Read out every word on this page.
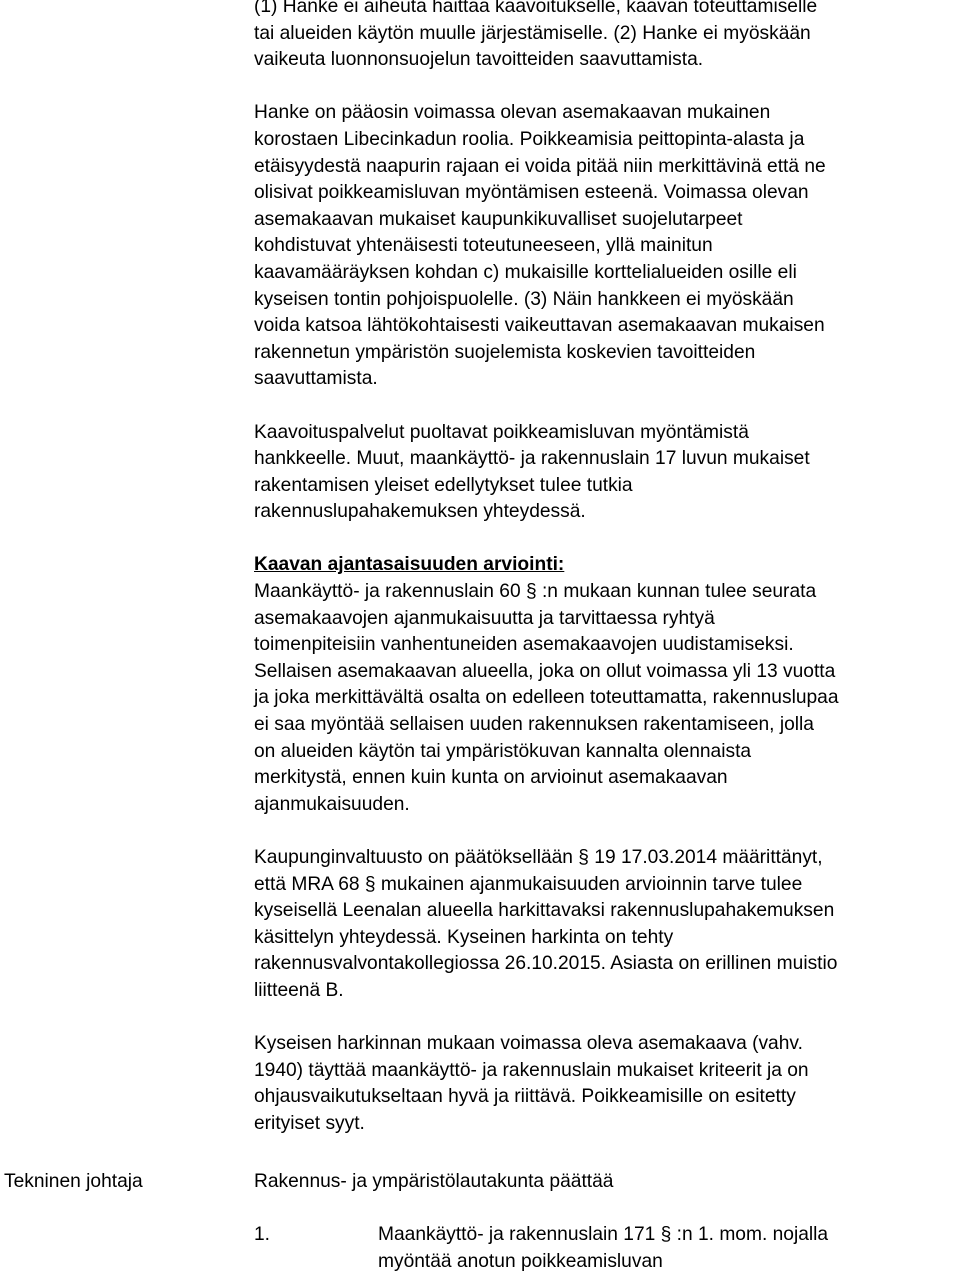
(1) Hanke ei aiheuta haittaa kaavoitukselle, kaavan toteuttamiselle
tai alueiden käytön muulle järjestämiselle. (2) Hanke ei myöskään
vaikeuta luonnonsuojelun tavoitteiden saavuttamista.

Hanke on pääosin voimassa olevan asemakaavan mukainen
korostaen Libecinkadun roolia. Poikkeamisia peittopinta-alasta ja
etäisyydestä naapurin rajaan ei voida pitää niin merkittävinä että ne
olisivat poikkeamisluvan myöntämisen esteenä. Voimassa olevan
asemakaavan mukaiset kaupunkikuvalliset suojelutarpeet
kohdistuvat yhtenäisesti toteutuneeseen, yllä mainitun
kaavamääräyksen kohdan c) mukaisille korttelialueiden osille eli
kyseisen tontin pohjoispuolelle. (3) Näin hankkeen ei myöskään
voida katsoa lähtökohtaisesti vaikeuttavan asemakaavan mukaisen
rakennetun ympäristön suojelemista koskevien tavoitteiden
saavuttamista.

Kaavoituspalvelut puoltavat poikkeamisluvan myöntämistä
hankkeelle. Muut, maankäyttö- ja rakennuslain 17 luvun mukaiset
rakentamisen yleiset edellytykset tulee tutkia
rakennuslupahakemuksen yhteydessä.

Kaavan ajantasaisuuden arviointi:
Maankäyttö- ja rakennuslain 60 § :n mukaan kunnan tulee seurata
asemakaavojen ajanmukaisuutta ja tarvittaessa ryhtyä
toimenpiteisiin vanhentuneiden asemakaavojen uudistamiseksi.
Sellaisen asemakaavan alueella, joka on ollut voimassa yli 13 vuotta
ja joka merkittävältä osalta on edelleen toteuttamatta, rakennuslupaa
ei saa myöntää sellaisen uuden rakennuksen rakentamiseen, jolla
on alueiden käytön tai ympäristökuvan kannalta olennaista
merkitystä, ennen kuin kunta on arvioinut asemakaavan
ajanmukaisuuden.

Kaupunginvaltuusto on päätöksellään § 19 17.03.2014 määrittänyt,
että MRA 68 § mukainen ajanmukaisuuden arvioinnin tarve tulee
kyseisellä Leenalan alueella harkittavaksi rakennuslupahakemuksen
käsittelyn yhteydessä. Kyseinen harkinta on tehty
rakennusvalvontakollegiossa 26.10.2015. Asiasta on erillinen muistio
liitteenä B.

Kyseisen harkinnan mukaan voimassa oleva asemakaava (vahv.
1940) täyttää maankäyttö- ja rakennuslain mukaiset kriteerit ja on
ohjausvaikutukseltaan hyvä ja riittävä. Poikkeamisille on esitetty
erityiset syyt.

Tekninen johtaja	Rakennus- ja ympäristölautakunta päättää
1.	Maankäyttö- ja rakennuslain 171 § :n 1. mom. nojalla
myöntää anotun poikkeamisluvan
